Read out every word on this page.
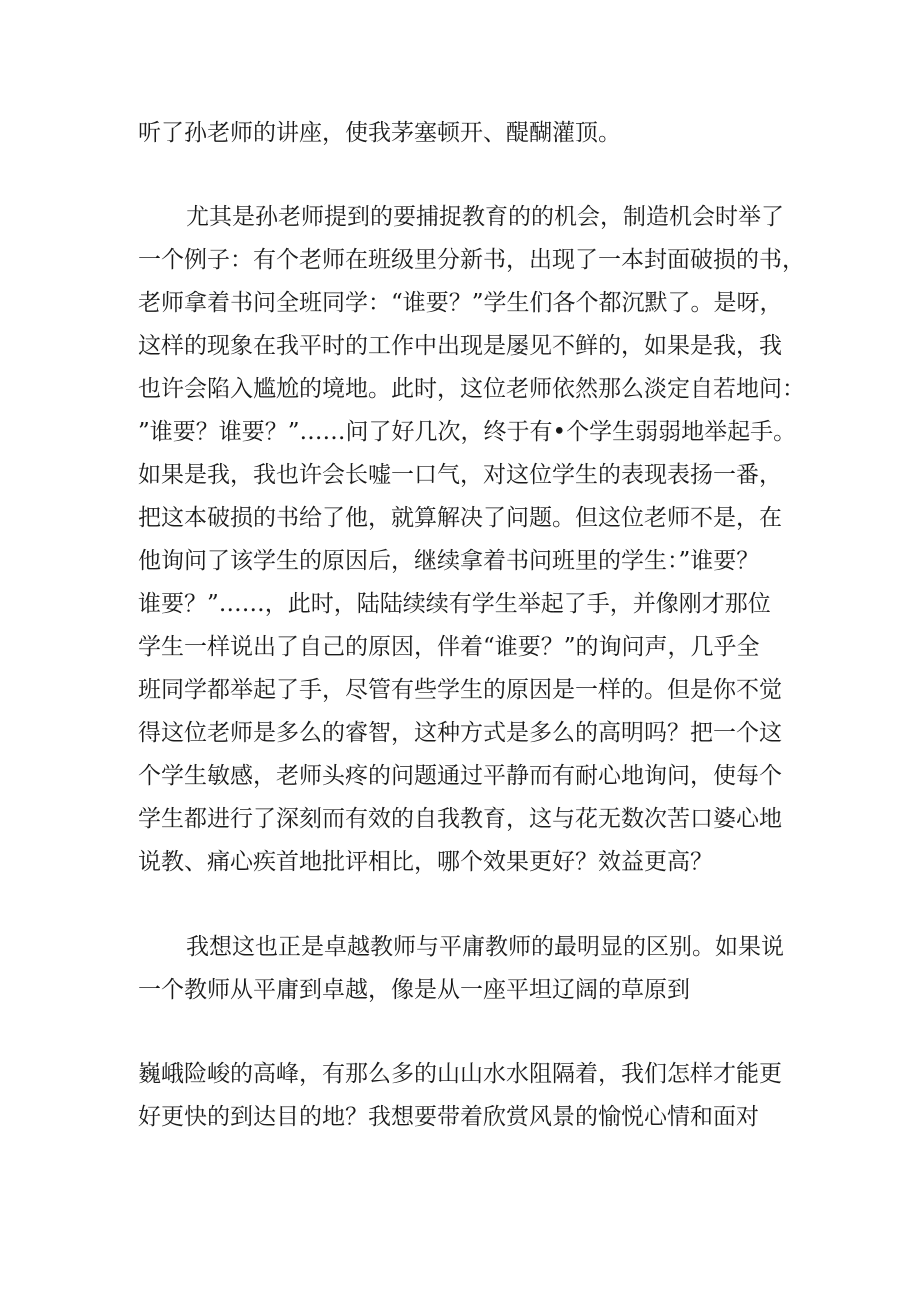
听了孙老师的讲座，使我茅塞顿开、醍醐灌顶。
尤其是孙老师提到的要捕捉教育的的机会，制造机会时举了
一个例子：有个老师在班级里分新书，出现了一本封面破损的书，
老师拿着书问全班同学：“谁要？”学生们各个都沉默了。是呀，
这样的现象在我平时的工作中出现是屡见不鲜的，如果是我，我
也许会陷入尴尬的境地。此时，这位老师依然那么淡定自若地问：
”谁要？谁要？”……问了好几次，终于有•个学生弱弱地举起手。
如果是我，我也许会长嘘一口气，对这位学生的表现表扬一番，
把这本破损的书给了他，就算解决了问题。但这位老师不是，在
他询问了该学生的原因后，继续拿着书问班里的学生：”谁要？
谁要？”……，此时，陆陆续续有学生举起了手，并像刚才那位
学生一样说出了自己的原因，伴着“谁要？”的询问声，几乎全
班同学都举起了手，尽管有些学生的原因是一样的。但是你不觉
得这位老师是多么的睿智，这种方式是多么的高明吗？把一个这
个学生敏感，老师头疼的问题通过平静而有耐心地询问，使每个
学生都进行了深刻而有效的自我教育，这与花无数次苦口婆心地
说教、痛心疾首地批评相比，哪个效果更好？效益更高？
我想这也正是卓越教师与平庸教师的最明显的区别。如果说
一个教师从平庸到卓越，像是从一座平坦辽阔的草原到
巍峨险峻的高峰，有那么多的山山水水阻隔着，我们怎样才能更
好更快的到达目的地？我想要带着欣赏风景的愉悦心情和面对
